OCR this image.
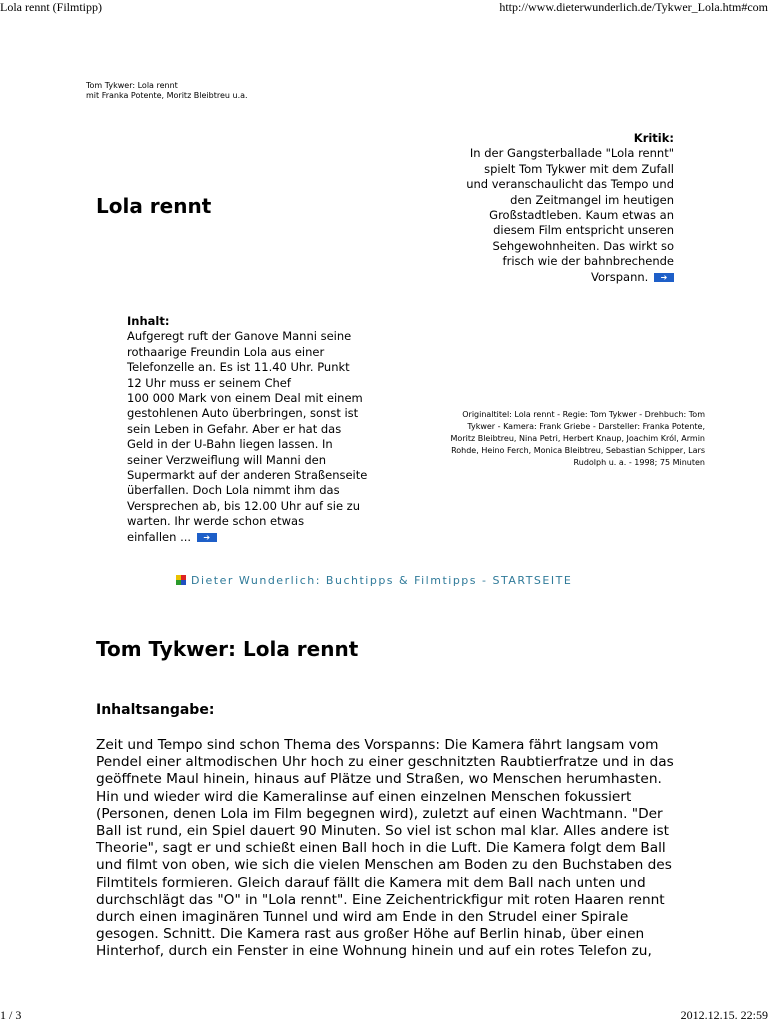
Lola rennt (Filmtipp)	http://www.dieterwunderlich.de/Tykwer_Lola.htm#com
Tom Tykwer: Lola rennt
mit Franka Potente, Moritz Bleibtreu u.a.
Lola rennt
Kritik:
In der Gangsterballade "Lola rennt"
spielt Tom Tykwer mit dem Zufall
und veranschaulicht das Tempo und
den Zeitmangel im heutigen
Großstadtleben. Kaum etwas an
diesem Film entspricht unseren
Sehgewohnheiten. Das wirkt so
frisch wie der bahnbrechende
Vorspann. ➔
Inhalt:
Aufgeregt ruft der Ganove Manni seine
rothaarige Freundin Lola aus einer
Telefonzelle an. Es ist 11.40 Uhr. Punkt
12 Uhr muss er seinem Chef
100 000 Mark von einem Deal mit einem
gestohlenen Auto überbringen, sonst ist
sein Leben in Gefahr. Aber er hat das
Geld in der U-Bahn liegen lassen. In
seiner Verzweiflung will Manni den
Supermarkt auf der anderen Straßenseite
überfallen. Doch Lola nimmt ihm das
Versprechen ab, bis 12.00 Uhr auf sie zu
warten. Ihr werde schon etwas
einfallen ... ➔
Originaltitel: Lola rennt - Regie: Tom Tykwer - Drehbuch: Tom
Tykwer - Kamera: Frank Griebe - Darsteller: Franka Potente,
Moritz Bleibtreu, Nina Petri, Herbert Knaup, Joachim Król, Armin
Rohde, Heino Ferch, Monica Bleibtreu, Sebastian Schipper, Lars
Rudolph u. a. - 1998; 75 Minuten
Dieter Wunderlich: Buchtipps & Filmtipps - STARTSEITE
Tom Tykwer: Lola rennt
Inhaltsangabe:
Zeit und Tempo sind schon Thema des Vorspanns: Die Kamera fährt langsam vom
Pendel einer altmodischen Uhr hoch zu einer geschnitzten Raubtierfratze und in das
geöffnete Maul hinein, hinaus auf Plätze und Straßen, wo Menschen herumhasten.
Hin und wieder wird die Kameralinse auf einen einzelnen Menschen fokussiert
(Personen, denen Lola im Film begegnen wird), zuletzt auf einen Wachtmann. "Der
Ball ist rund, ein Spiel dauert 90 Minuten. So viel ist schon mal klar. Alles andere ist
Theorie", sagt er und schießt einen Ball hoch in die Luft. Die Kamera folgt dem Ball
und filmt von oben, wie sich die vielen Menschen am Boden zu den Buchstaben des
Filmtitels formieren. Gleich darauf fällt die Kamera mit dem Ball nach unten und
durchschlägt das "O" in "Lola rennt". Eine Zeichentrickfigur mit roten Haaren rennt
durch einen imaginären Tunnel und wird am Ende in den Strudel einer Spirale
gesogen. Schnitt. Die Kamera rast aus großer Höhe auf Berlin hinab, über einen
Hinterhof, durch ein Fenster in eine Wohnung hinein und auf ein rotes Telefon zu,
1 / 3	2012.12.15. 22:59
